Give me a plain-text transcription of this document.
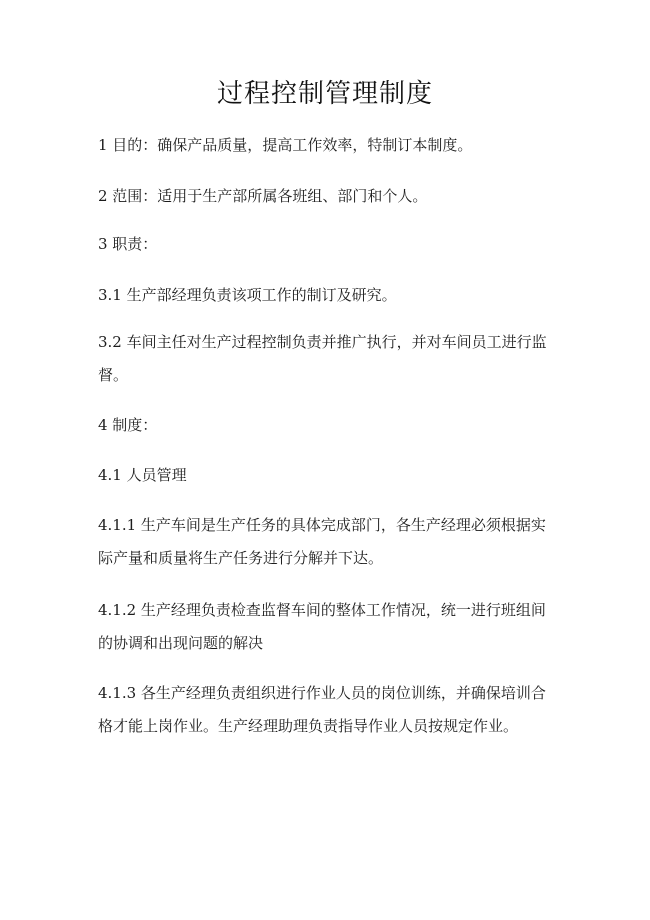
过程控制管理制度

1 目的：确保产品质量，提高工作效率，特制订本制度。

2 范围：适用于生产部所属各班组、部门和个人。

3 职责：

3.1 生产部经理负责该项工作的制订及研究。

3.2 车间主任对生产过程控制负责并推广执行，并对车间员工进行监督。

4 制度：

4.1 人员管理

4.1.1 生产车间是生产任务的具体完成部门，各生产经理必须根据实际产量和质量将生产任务进行分解并下达。

4.1.2 生产经理负责检查监督车间的整体工作情况，统一进行班组间的协调和出现问题的解决

4.1.3 各生产经理负责组织进行作业人员的岗位训练，并确保培训合格才能上岗作业。生产经理助理负责指导作业人员按规定作业。
